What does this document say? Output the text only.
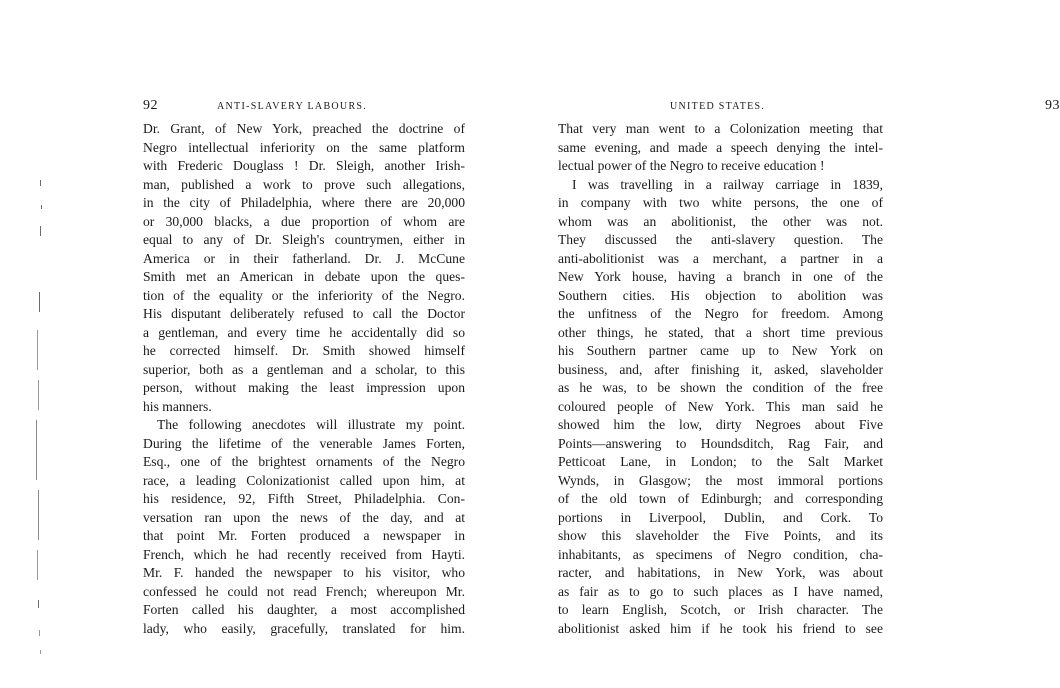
92	ANTI-SLAVERY LABOURS.
Dr. Grant, of New York, preached the doctrine of
Negro intellectual inferiority on the same platform
with Frederic Douglass ! Dr. Sleigh, another Irish-
man, published a work to prove such allegations,
in the city of Philadelphia, where there are 20,000
or 30,000 blacks, a due proportion of whom are
equal to any of Dr. Sleigh's countrymen, either in
America or in their fatherland. Dr. J. McCune
Smith met an American in debate upon the ques-
tion of the equality or the inferiority of the Negro.
His disputant deliberately refused to call the Doctor
a gentleman, and every time he accidentally did so
he corrected himself. Dr. Smith showed himself
superior, both as a gentleman and a scholar, to this
person, without making the least impression upon
his manners.
The following anecdotes will illustrate my point.
During the lifetime of the venerable James Forten,
Esq., one of the brightest ornaments of the Negro
race, a leading Colonizationist called upon him, at
his residence, 92, Fifth Street, Philadelphia. Con-
versation ran upon the news of the day, and at
that point Mr. Forten produced a newspaper in
French, which he had recently received from Hayti.
Mr. F. handed the newspaper to his visitor, who
confessed he could not read French; whereupon Mr.
Forten called his daughter, a most accomplished
lady, who easily, gracefully, translated for him.
UNITED STATES.	93
That very man went to a Colonization meeting that
same evening, and made a speech denying the intel-
lectual power of the Negro to receive education !
I was travelling in a railway carriage in 1839,
in company with two white persons, the one of
whom was an abolitionist, the other was not.
They discussed the anti-slavery question. The
anti-abolitionist was a merchant, a partner in a
New York house, having a branch in one of the
Southern cities. His objection to abolition was
the unfitness of the Negro for freedom. Among
other things, he stated, that a short time previous
his Southern partner came up to New York on
business, and, after finishing it, asked, slaveholder
as he was, to be shown the condition of the free
coloured people of New York. This man said he
showed him the low, dirty Negroes about Five
Points—answering to Houndsditch, Rag Fair, and
Petticoat Lane, in London; to the Salt Market
Wynds, in Glasgow; the most immoral portions
of the old town of Edinburgh; and corresponding
portions in Liverpool, Dublin, and Cork. To
show this slaveholder the Five Points, and its
inhabitants, as specimens of Negro condition, cha-
racter, and habitations, in New York, was about
as fair as to go to such places as I have named,
to learn English, Scotch, or Irish character. The
abolitionist asked him if he took his friend to see
